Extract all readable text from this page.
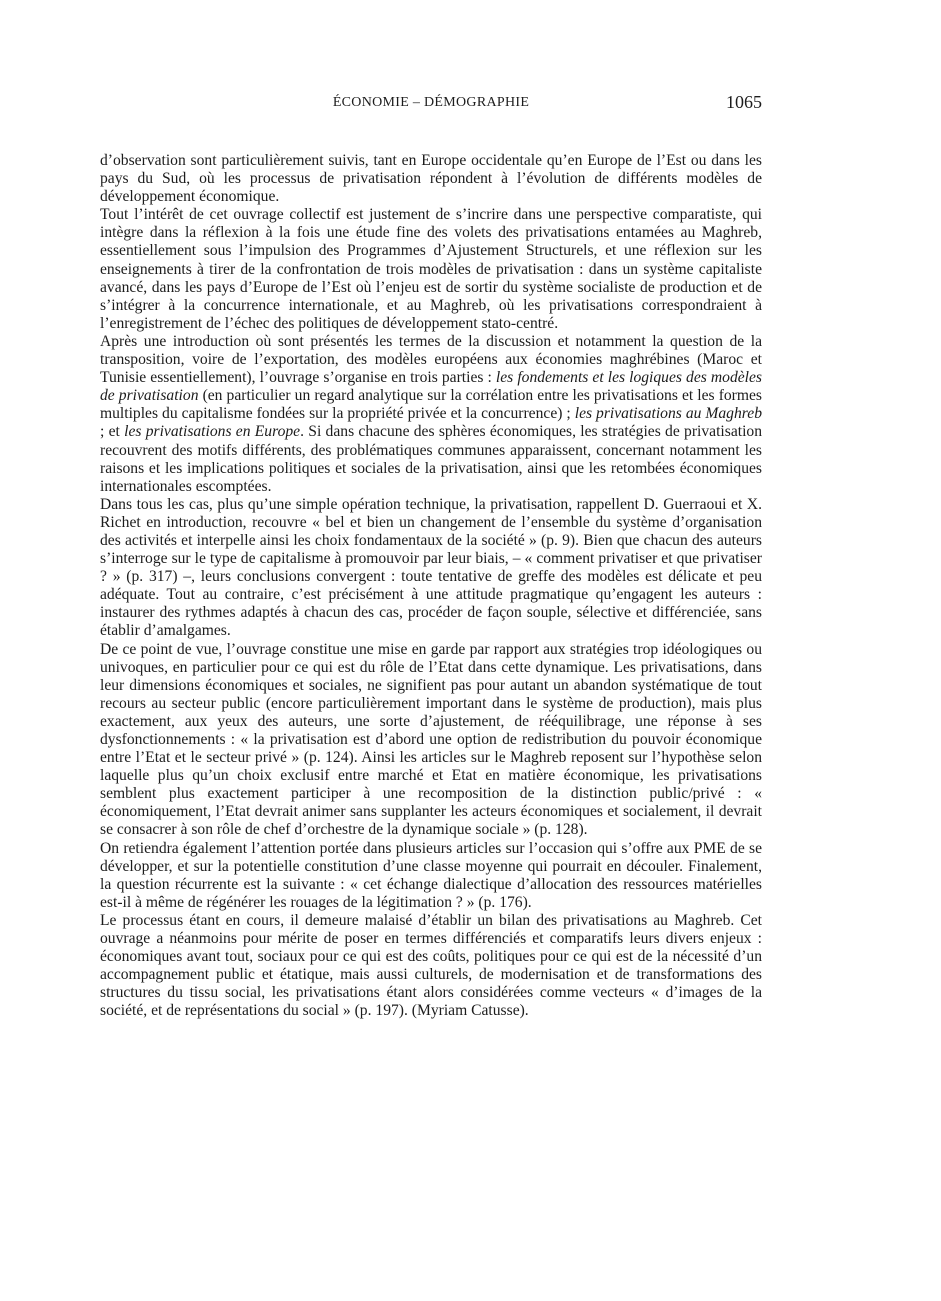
ÉCONOMIE – DÉMOGRAPHIE	1065

d’observation sont particulièrement suivis, tant en Europe occidentale qu’en Europe de l’Est ou dans les pays du Sud, où les processus de privatisation répondent à l’évolution de différents modèles de développement économique.

Tout l’intérêt de cet ouvrage collectif est justement de s’incrire dans une perspective comparatiste, qui intègre dans la réflexion à la fois une étude fine des volets des privatisations entamées au Maghreb, essentiellement sous l’impulsion des Programmes d’Ajustement Structurels, et une réflexion sur les enseignements à tirer de la confrontation de trois modèles de privatisation : dans un système capitaliste avancé, dans les pays d’Europe de l’Est où l’enjeu est de sortir du système socialiste de production et de s’intégrer à la concurrence internationale, et au Maghreb, où les privatisations correspondraient à l’enregistrement de l’échec des politiques de développement stato-centré.

Après une introduction où sont présentés les termes de la discussion et notamment la question de la transposition, voire de l’exportation, des modèles européens aux économies maghrébines (Maroc et Tunisie essentiellement), l’ouvrage s’organise en trois parties : les fondements et les logiques des modèles de privatisation (en particulier un regard analytique sur la corrélation entre les privatisations et les formes multiples du capitalisme fondées sur la propriété privée et la concurrence) ; les privatisations au Maghreb ; et les privatisations en Europe. Si dans chacune des sphères économiques, les stratégies de privatisation recouvrent des motifs différents, des problématiques communes apparaissent, concernant notamment les raisons et les implications politiques et sociales de la privatisation, ainsi que les retombées économiques internationales escomptées.

Dans tous les cas, plus qu’une simple opération technique, la privatisation, rappellent D. Guerraoui et X. Richet en introduction, recouvre « bel et bien un changement de l’ensemble du système d’organisation des activités et interpelle ainsi les choix fondamentaux de la société » (p. 9). Bien que chacun des auteurs s’interroge sur le type de capitalisme à promouvoir par leur biais, – « comment privatiser et que privatiser ? » (p. 317) –, leurs conclusions convergent : toute tentative de greffe des modèles est délicate et peu adéquate. Tout au contraire, c’est précisément à une attitude pragmatique qu’engagent les auteurs : instaurer des rythmes adaptés à chacun des cas, procéder de façon souple, sélective et différenciée, sans établir d’amalgames.

De ce point de vue, l’ouvrage constitue une mise en garde par rapport aux stratégies trop idéologiques ou univoques, en particulier pour ce qui est du rôle de l’Etat dans cette dynamique. Les privatisations, dans leur dimensions économiques et sociales, ne signifient pas pour autant un abandon systématique de tout recours au secteur public (encore particulièrement important dans le système de production), mais plus exactement, aux yeux des auteurs, une sorte d’ajustement, de rééquilibrage, une réponse à ses dysfonctionnements : « la privatisation est d’abord une option de redistribution du pouvoir économique entre l’Etat et le secteur privé » (p. 124). Ainsi les articles sur le Maghreb reposent sur l’hypothèse selon laquelle plus qu’un choix exclusif entre marché et Etat en matière économique, les privatisations semblent plus exactement participer à une recomposition de la distinction public/privé : « économiquement, l’Etat devrait animer sans supplanter les acteurs économiques et socialement, il devrait se consacrer à son rôle de chef d’orchestre de la dynamique sociale » (p. 128).

On retiendra également l’attention portée dans plusieurs articles sur l’occasion qui s’offre aux PME de se développer, et sur la potentielle constitution d’une classe moyenne qui pourrait en découler. Finalement, la question récurrente est la suivante : « cet échange dialectique d’allocation des ressources matérielles est-il à même de régénérer les rouages de la légitimation ? » (p. 176).

Le processus étant en cours, il demeure malaisé d’établir un bilan des privatisations au Maghreb. Cet ouvrage a néanmoins pour mérite de poser en termes différenciés et comparatifs leurs divers enjeux : économiques avant tout, sociaux pour ce qui est des coûts, politiques pour ce qui est de la nécessité d’un accompagnement public et étatique, mais aussi culturels, de modernisation et de transformations des structures du tissu social, les privatisations étant alors considérées comme vecteurs « d’images de la société, et de représentations du social » (p. 197). (Myriam Catusse).
